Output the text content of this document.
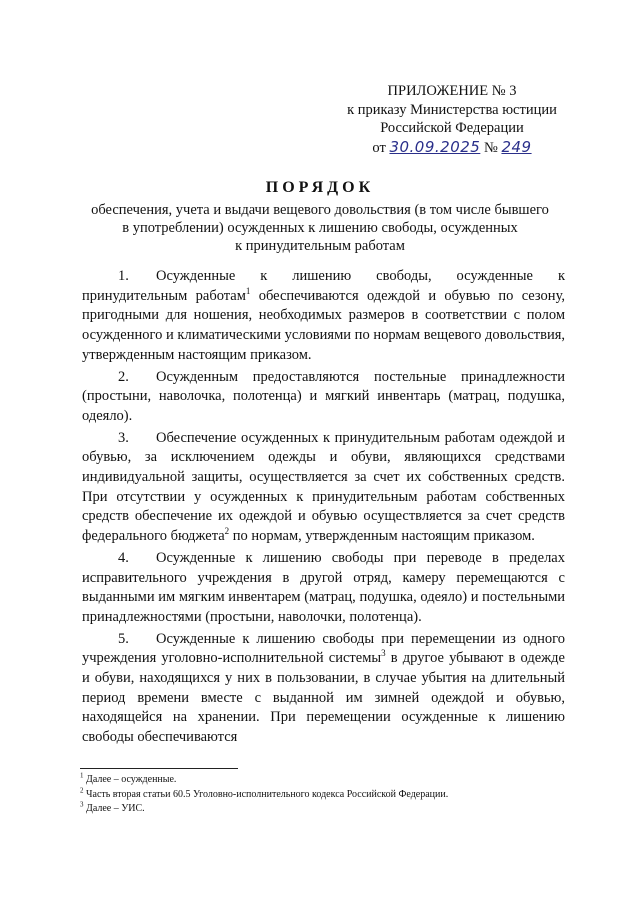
ПРИЛОЖЕНИЕ № 3
к приказу Министерства юстиции
Российской Федерации
от 30.09.2025 № 249
ПОРЯДОК
обеспечения, учета и выдачи вещевого довольствия (в том числе бывшего
в употреблении) осужденных к лишению свободы, осужденных
к принудительным работам

1. Осужденные к лишению свободы, осужденные к принудительным работам$^1$ обеспечиваются одеждой и обувью по сезону, пригодными для ношения, необходимых размеров в соответствии с полом осужденного и климатическими условиями по нормам вещевого довольствия, утвержденным настоящим приказом.

2. Осужденным предоставляются постельные принадлежности (простыни, наволочка, полотенца) и мягкий инвентарь (матрац, подушка, одеяло).

3. Обеспечение осужденных к принудительным работам одеждой и обувью, за исключением одежды и обуви, являющихся средствами индивидуальной защиты, осуществляется за счет их собственных средств. При отсутствии у осужденных к принудительным работам собственных средств обеспечение их одеждой и обувью осуществляется за счет средств федерального бюджета$^2$ по нормам, утвержденным настоящим приказом.

4. Осужденные к лишению свободы при переводе в пределах исправительного учреждения в другой отряд, камеру перемещаются с выданными им мягким инвентарем (матрац, подушка, одеяло) и постельными принадлежностями (простыни, наволочки, полотенца).

5. Осужденные к лишению свободы при перемещении из одного учреждения уголовно-исполнительной системы$^3$ в другое убывают в одежде и обуви, находящихся у них в пользовании, в случае убытия на длительный период времени вместе с выданной им зимней одеждой и обувью, находящейся на хранении. При перемещении осужденные к лишению свободы обеспечиваются

$^1$ Далее – осужденные.
$^2$ Часть вторая статьи 60.5 Уголовно-исполнительного кодекса Российской Федерации.
$^3$ Далее – УИС.
